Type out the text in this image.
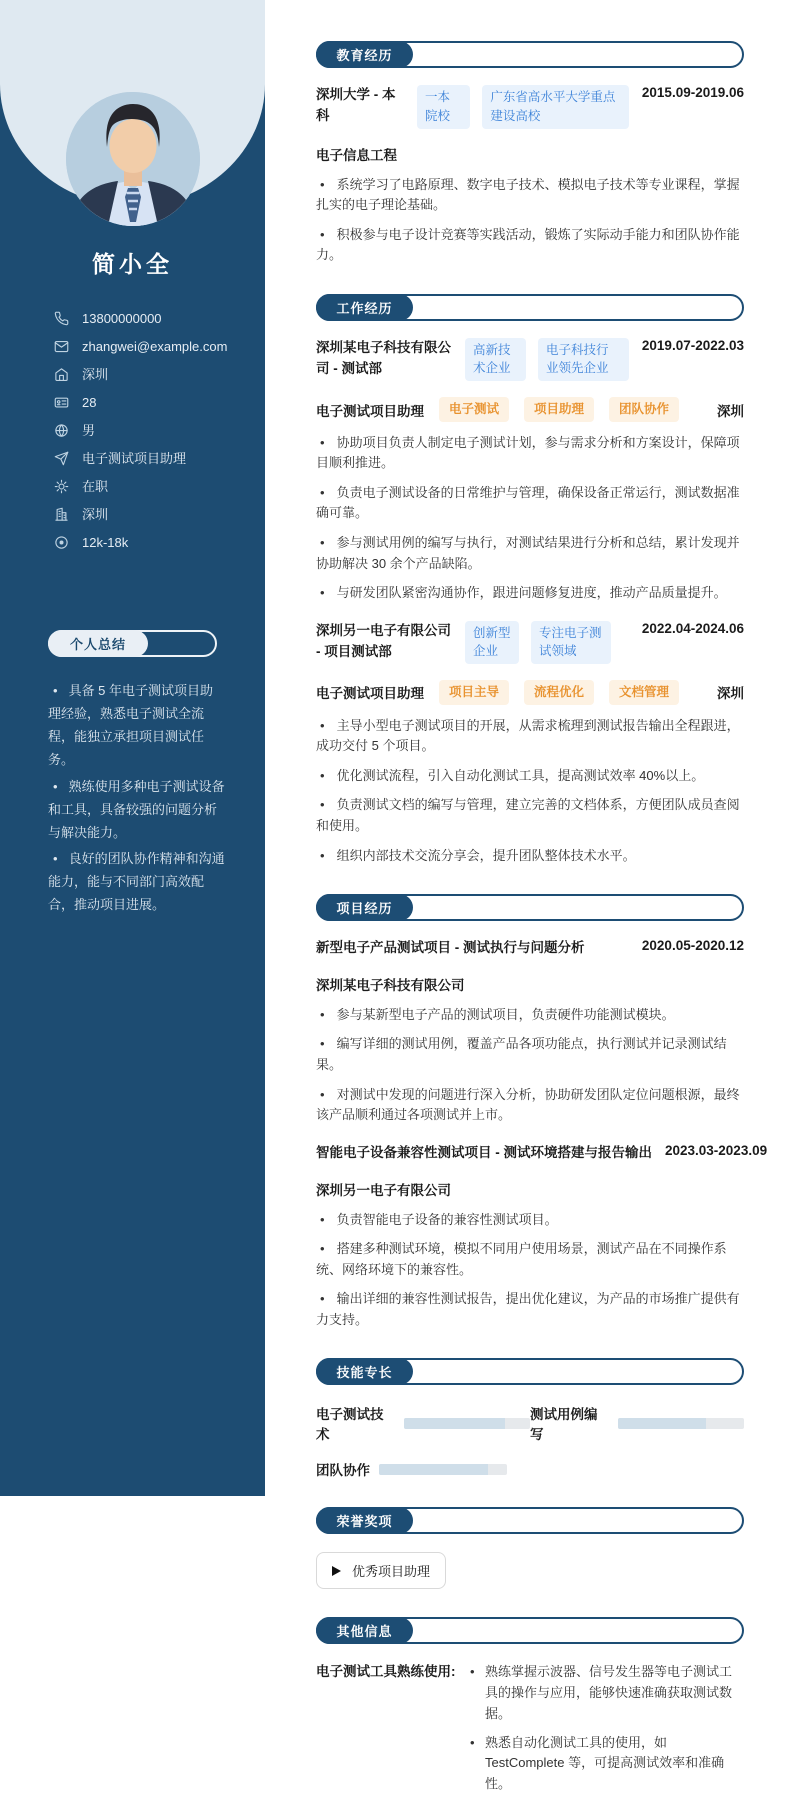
简小全
13800000000
zhangwei@example.com
深圳
28
男
电子测试项目助理
在职
深圳
12k-18k
个人总结

• 具备 5 年电子测试项目助理经验，熟悉电子测试全流程，能独立承担项目测试任务。

• 熟练使用多种电子测试设备和工具，具备较强的问题分析与解决能力。

• 良好的团队协作精神和沟通能力，能与不同部门高效配合，推动项目进展。

教育经历
深圳大学 - 本科
一本院校
广东省高水平大学重点建设高校
2015.09-2019.06
电子信息工程

• 系统学习了电路原理、数字电子技术、模拟电子技术等专业课程，掌握扎实的电子理论基础。

• 积极参与电子设计竞赛等实践活动，锻炼了实际动手能力和团队协作能力。

工作经历
深圳某电子科技有限公司 - 测试部
高新技术企业
电子科技行业领先企业
2019.07-2022.03
电子测试项目助理	电子测试	项目助理	团队协作	深圳

• 协助项目负责人制定电子测试计划，参与需求分析和方案设计，保障项目顺利推进。

• 负责电子测试设备的日常维护与管理，确保设备正常运行，测试数据准确可靠。

• 参与测试用例的编写与执行，对测试结果进行分析和总结，累计发现并协助解决 30 余个产品缺陷。

• 与研发团队紧密沟通协作，跟进问题修复进度，推动产品质量提升。

深圳另一电子有限公司 - 项目测试部
创新型企业
专注电子测试领域
2022.04-2024.06
电子测试项目助理	项目主导	流程优化	文档管理	深圳

• 主导小型电子测试项目的开展，从需求梳理到测试报告输出全程跟进，成功交付 5 个项目。

• 优化测试流程，引入自动化测试工具，提高测试效率 40%以上。

• 负责测试文档的编写与管理，建立完善的文档体系，方便团队成员查阅和使用。

• 组织内部技术交流分享会，提升团队整体技术水平。

项目经历
新型电子产品测试项目 - 测试执行与问题分析	2020.05-2020.12
深圳某电子科技有限公司

• 参与某新型电子产品的测试项目，负责硬件功能测试模块。

• 编写详细的测试用例，覆盖产品各项功能点，执行测试并记录测试结果。

• 对测试中发现的问题进行深入分析，协助研发团队定位问题根源，最终该产品顺利通过各项测试并上市。

智能电子设备兼容性测试项目 - 测试环境搭建与报告输出 2023.03-2023.09
深圳另一电子有限公司

• 负责智能电子设备的兼容性测试项目。

• 搭建多种测试环境，模拟不同用户使用场景，测试产品在不同操作系统、网络环境下的兼容性。

• 输出详细的兼容性测试报告，提出优化建议，为产品的市场推广提供有力支持。

技能专长
电子测试技术
测试用例编写
团队协作
荣誉奖项
优秀项目助理
其他信息
电子测试工具熟练使用:	• 熟练掌握示波器、信号发生器等电子测试工具的操作与应用，能够快速准确获取测试数据。

• 熟悉自动化测试工具的使用，如 TestComplete 等，可提高测试效率和准确性。
